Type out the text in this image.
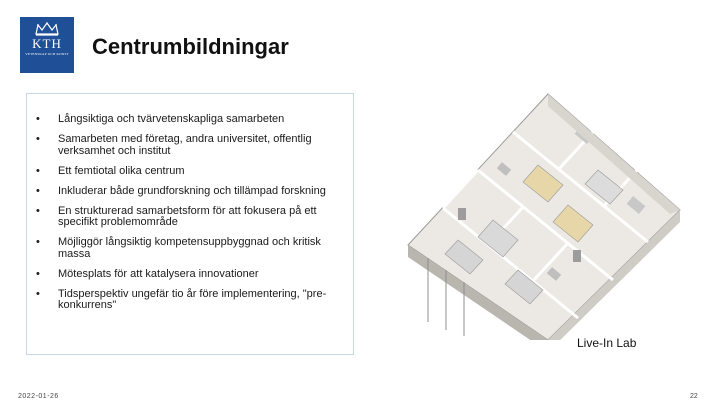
KTH
VETENSKAP OCH KONST Centrumbildningar
• Långsiktiga och tvärvetenskapliga samarbeten
• Samarbeten med företag, andra universitet, offentlig verksamhet och institut
• Ett femtiotal olika centrum
• Inkluderar både grundforskning och tillämpad forskning
• En strukturerad samarbetsform för att fokusera på ett specifikt problemområde
• Möjliggör långsiktig kompetensuppbyggnad och kritisk massa
• Mötesplats för att katalysera innovationer
• Tidsperspektiv ungefär tio år före implementering, "pre-konkurrens"
Live-In Lab
2022-01-26	22
